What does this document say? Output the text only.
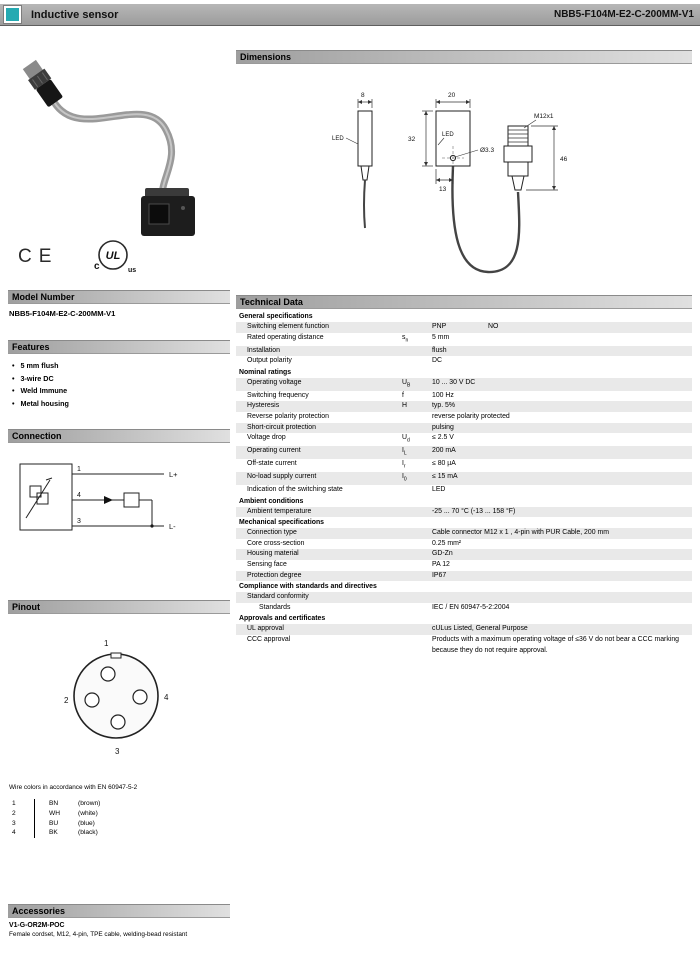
Inductive sensor	NBB5-F104M-E2-C-200MM-V1
CE	UL
c	us
Model Number
NBB5-F104M-E2-C-200MM-V1
Features
• 5 mm flush
• 3-wire DC
• Weld Immune
• Metal housing
Connection
1
L+
4
3
L-
Pinout
1
2
3
4
Wire colors in accordance with EN 60947-5-2
1	BN	(brown)
2	WH	(white)
3	BU	(blue)
4	BK	(black)
Accessories
V1-G-OR2M-POC
Female cordset, M12, 4-pin, TPE cable, welding-bead resistant
Dimensions
8
LED
20
32
LED
Ø3.3
13
M12x1
46
Technical Data
General specifications
Switching element function	PNP	NO
Rated operating distance	$s_n$	5 mm
Installation	flush
Output polarity	DC
Nominal ratings
Operating voltage	$U_B$	10 ... 30 V DC
Switching frequency	f	100 Hz
Hysteresis	H	typ. 5%
Reverse polarity protection	reverse polarity protected
Short-circuit protection	pulsing
Voltage drop	$U_d$	≤ 2.5 V
Operating current	$I_L$	200 mA
Off-state current	$I_r$	≤ 80 µA
No-load supply current	$I_0$	≤ 15 mA
Indication of the switching state	LED
Ambient conditions
Ambient temperature	-25 ... 70 °C (-13 ... 158 °F)
Mechanical specifications
Connection type	Cable connector M12 x 1 , 4-pin with PUR Cable, 200 mm
Core cross-section	0.25 mm²
Housing material	GD-Zn
Sensing face	PA 12
Protection degree	IP67
Compliance with standards and directives
Standard conformity
Standards	IEC / EN 60947-5-2:2004
Approvals and certificates
UL approval	cULus Listed, General Purpose
CCC approval	Products with a maximum operating voltage of ≤36 V do not bear a CCC marking because they do not require approval.
